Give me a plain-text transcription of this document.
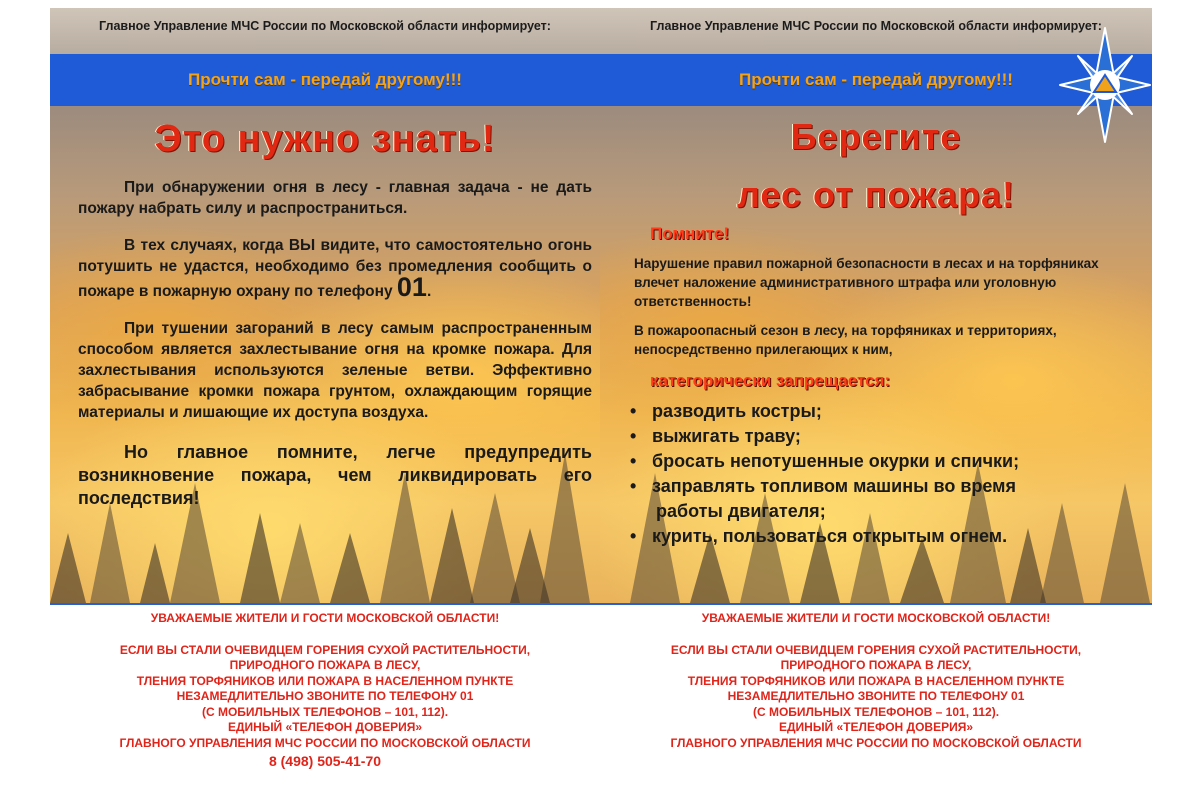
Главное Управление МЧС России по Московской области информирует:
Прочти сам - передай другому!!!
Это нужно знать!

При обнаружении огня в лесу - главная задача - не дать пожару набрать силу и распространиться.

В тех случаях, когда ВЫ видите, что самостоятельно огонь потушить не удастся, необходимо без промедления сообщить о пожаре в пожарную охрану по телефону 01.

При тушении загораний в лесу самым распространенным способом является захлестывание огня на кромке пожара. Для захлестывания используются зеленые ветви. Эффективно забрасывание кромки пожара грунтом, охлаждающим горящие материалы и лишающие их доступа воздуха.

Но главное помните, легче предупредить возникновение пожара, чем ликвидировать его последствия!

УВАЖАЕМЫЕ ЖИТЕЛИ И ГОСТИ МОСКОВСКОЙ ОБЛАСТИ!
ЕСЛИ ВЫ СТАЛИ ОЧЕВИДЦЕМ ГОРЕНИЯ СУХОЙ РАСТИТЕЛЬНОСТИ,
ПРИРОДНОГО ПОЖАРА В ЛЕСУ,
ТЛЕНИЯ ТОРФЯНИКОВ ИЛИ ПОЖАРА В НАСЕЛЕННОМ ПУНКТЕ
НЕЗАМЕДЛИТЕЛЬНО ЗВОНИТЕ ПО ТЕЛЕФОНУ 01
(С МОБИЛЬНЫХ ТЕЛЕФОНОВ – 101, 112).
ЕДИНЫЙ «ТЕЛЕФОН ДОВЕРИЯ»
ГЛАВНОГО УПРАВЛЕНИЯ МЧС РОССИИ ПО МОСКОВСКОЙ ОБЛАСТИ
8 (498) 505-41-70
Главное Управление МЧС России по Московской области информирует:
Прочти сам - передай другому!!!
Берегите
лес от пожара!
Помните!

Нарушение правил пожарной безопасности в лесах и на торфяниках влечет наложение административного штрафа или уголовную ответственность!

В пожароопасный сезон в лесу, на торфяниках и территориях, непосредственно прилегающих к ним,

категорически запрещается:
• разводить костры;
• выжигать траву;
• бросать непотушенные окурки и спички;
• заправлять топливом машины во время
работы двигателя;
• курить, пользоваться открытым огнем.
УВАЖАЕМЫЕ ЖИТЕЛИ И ГОСТИ МОСКОВСКОЙ ОБЛАСТИ!
ЕСЛИ ВЫ СТАЛИ ОЧЕВИДЦЕМ ГОРЕНИЯ СУХОЙ РАСТИТЕЛЬНОСТИ,
ПРИРОДНОГО ПОЖАРА В ЛЕСУ,
ТЛЕНИЯ ТОРФЯНИКОВ ИЛИ ПОЖАРА В НАСЕЛЕННОМ ПУНКТЕ
НЕЗАМЕДЛИТЕЛЬНО ЗВОНИТЕ ПО ТЕЛЕФОНУ 01
(С МОБИЛЬНЫХ ТЕЛЕФОНОВ – 101, 112).
ЕДИНЫЙ «ТЕЛЕФОН ДОВЕРИЯ»
ГЛАВНОГО УПРАВЛЕНИЯ МЧС РОССИИ ПО МОСКОВСКОЙ ОБЛАСТИ
